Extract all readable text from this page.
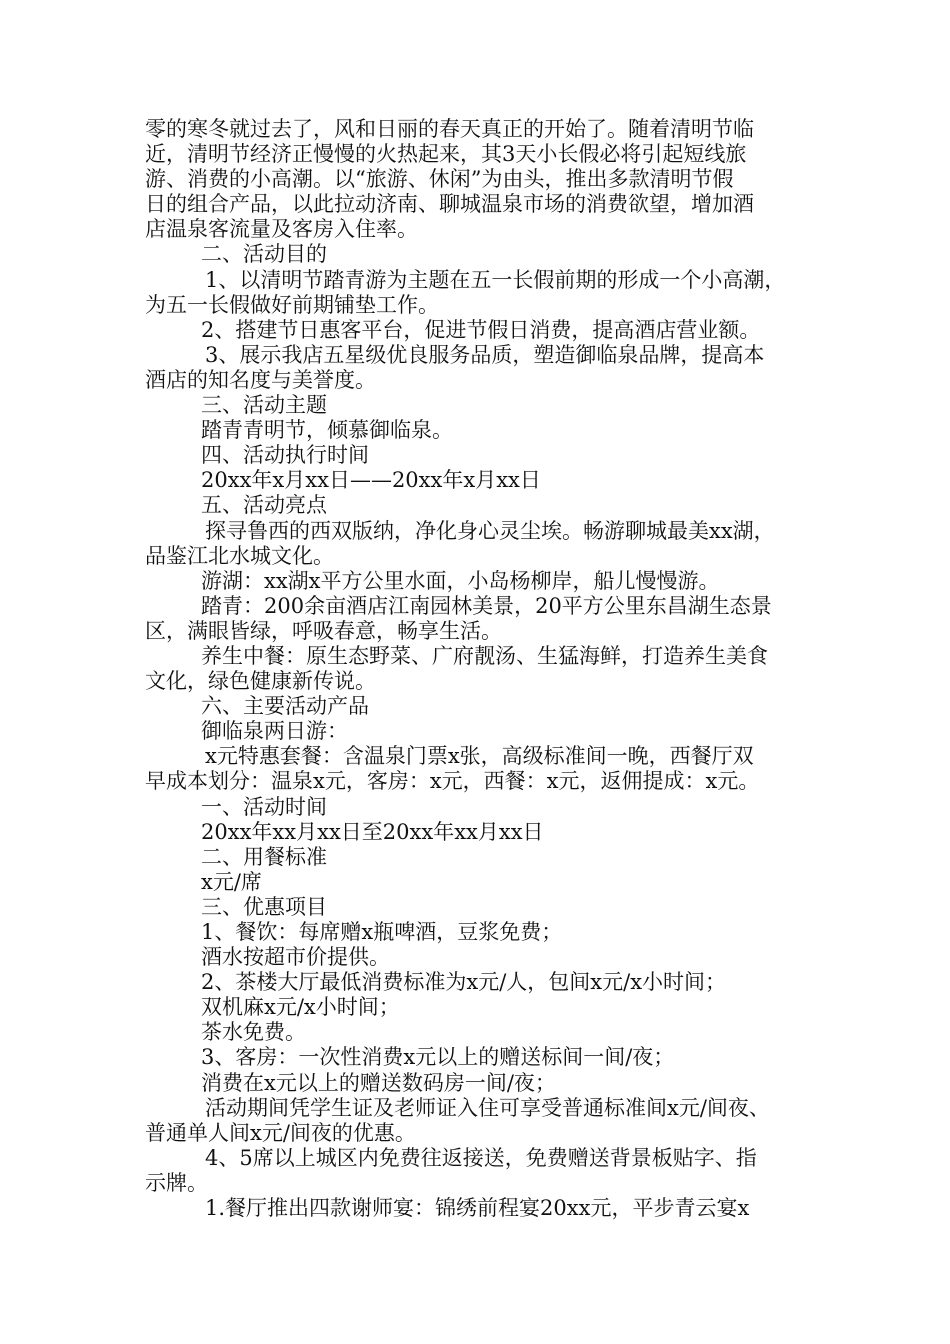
零的寒冬就过去了，风和日丽的春天真正的开始了。随着清明节临
近，清明节经济正慢慢的火热起来，其3天小长假必将引起短线旅
游、消费的小高潮。以“旅游、休闲”为由头，推出多款清明节假
日的组合产品，以此拉动济南、聊城温泉市场的消费欲望，增加酒
店温泉客流量及客房入住率。
二、活动目的
1、以清明节踏青游为主题在五一长假前期的形成一个小高潮，
为五一长假做好前期铺垫工作。
2、搭建节日惠客平台，促进节假日消费，提高酒店营业额。
3、展示我店五星级优良服务品质，塑造御临泉品牌，提高本
酒店的知名度与美誉度。
三、活动主题
踏青青明节，倾慕御临泉。
四、活动执行时间
20xx年x月xx日——20xx年x月xx日
五、活动亮点
探寻鲁西的西双版纳，净化身心灵尘埃。畅游聊城最美xx湖，
品鉴江北水城文化。
游湖：xx湖x平方公里水面，小岛杨柳岸，船儿慢慢游。
踏青：200余亩酒店江南园林美景，20平方公里东昌湖生态景
区，满眼皆绿，呼吸春意，畅享生活。
养生中餐：原生态野菜、广府靓汤、生猛海鲜，打造养生美食
文化，绿色健康新传说。
六、主要活动产品
御临泉两日游：
x元特惠套餐：含温泉门票x张，高级标准间一晚，西餐厅双
早成本划分：温泉x元，客房：x元，西餐：x元，返佣提成：x元。
一、活动时间
20xx年xx月xx日至20xx年xx月xx日
二、用餐标准
x元/席
三、优惠项目
1、餐饮：每席赠x瓶啤酒，豆浆免费；
酒水按超市价提供。
2、茶楼大厅最低消费标准为x元/人，包间x元/x小时间；
双机麻x元/x小时间；
茶水免费。
3、客房：一次性消费x元以上的赠送标间一间/夜；
消费在x元以上的赠送数码房一间/夜；
活动期间凭学生证及老师证入住可享受普通标准间x元/间夜、
普通单人间x元/间夜的优惠。
4、5席以上城区内免费往返接送，免费赠送背景板贴字、指
示牌。
1.餐厅推出四款谢师宴：锦绣前程宴20xx元，平步青云宴x
